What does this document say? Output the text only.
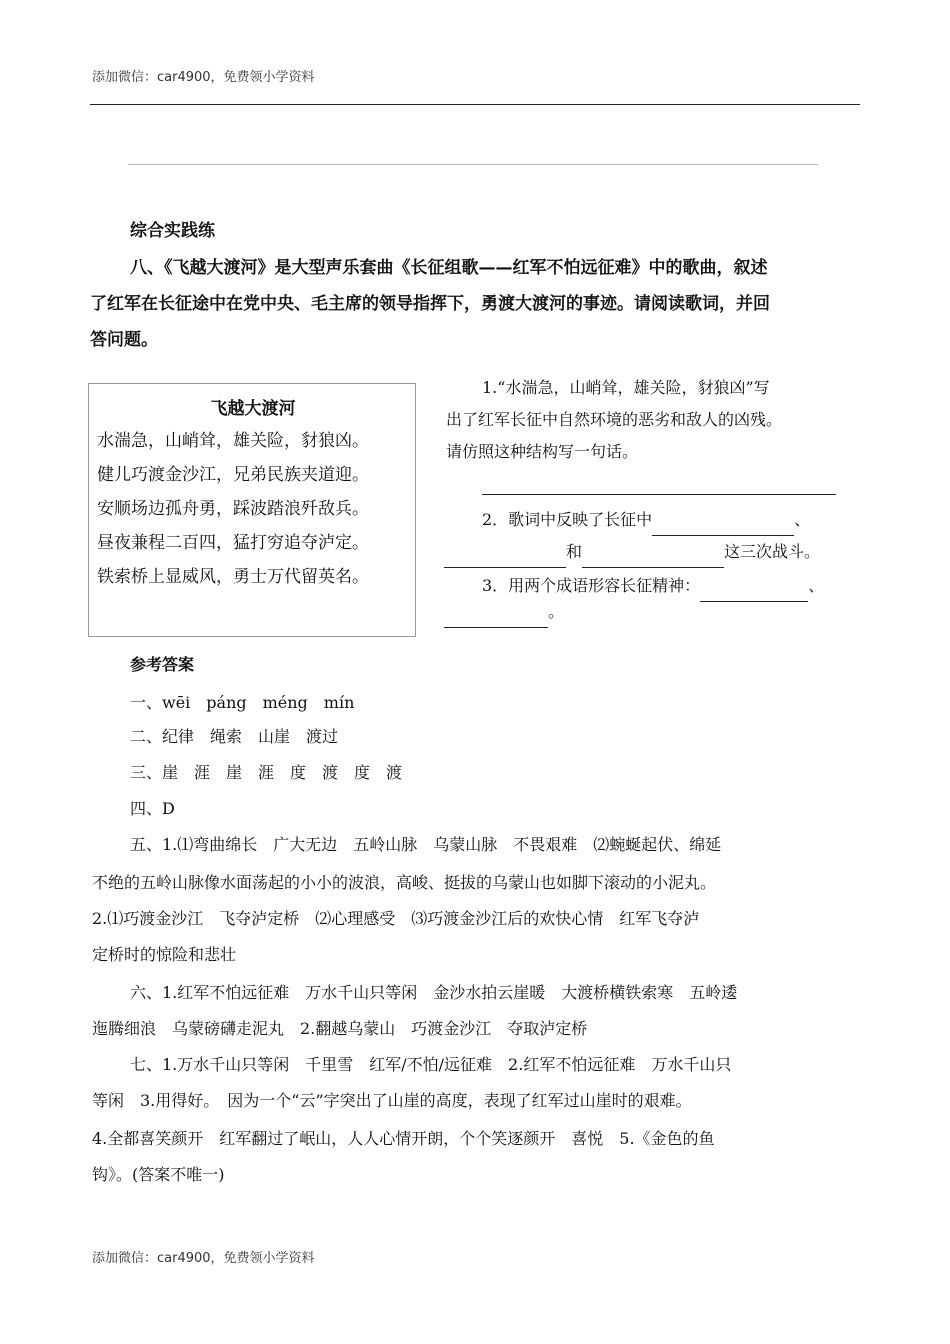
添加微信：car4900，免费领小学资料
综合实践练
八、《飞越大渡河》是大型声乐套曲《长征组歌——红军不怕远征难》中的歌曲，叙述
了红军在长征途中在党中央、毛主席的领导指挥下，勇渡大渡河的事迹。请阅读歌词，并回
答问题。
飞越大渡河
水湍急，山峭耸，雄关险，豺狼凶。
健儿巧渡金沙江，兄弟民族夹道迎。
安顺场边孤舟勇，踩波踏浪歼敌兵。
昼夜兼程二百四，猛打穷追夺泸定。
铁索桥上显威风，勇士万代留英名。
1.“水湍急，山峭耸，雄关险，豺狼凶”写
出了红军长征中自然环境的恶劣和敌人的凶残。
请仿照这种结构写一句话。
2．歌词中反映了长征中	、
和	这三次战斗。
3．用两个成语形容长征精神：	、
。
参考答案
一、wēi　páng　méng　mín
二、纪律　绳索　山崖　渡过
三、崖　涯　崖　涯　度　渡　度　渡
四、D
五、1.⑴弯曲绵长　广大无边　五岭山脉　乌蒙山脉　不畏艰难　⑵蜿蜒起伏、绵延
不绝的五岭山脉像水面荡起的小小的波浪，高峻、挺拔的乌蒙山也如脚下滚动的小泥丸。
2.⑴巧渡金沙江　飞夺泸定桥　⑵心理感受　⑶巧渡金沙江后的欢快心情　红军飞夺泸
定桥时的惊险和悲壮
六、1.红军不怕远征难　万水千山只等闲　金沙水拍云崖暖　大渡桥横铁索寒　五岭逶
迤腾细浪　乌蒙磅礴走泥丸　2.翻越乌蒙山　巧渡金沙江　夺取泸定桥
七、1.万水千山只等闲　千里雪　红军/不怕/远征难　2.红军不怕远征难　万水千山只
等闲　3.用得好。　因为一个“云”字突出了山崖的高度，表现了红军过山崖时的艰难。
4.全都喜笑颜开　红军翻过了岷山，人人心情开朗，个个笑逐颜开　喜悦　5.《金色的鱼
钩》。(答案不唯一)
添加微信：car4900，免费领小学资料
